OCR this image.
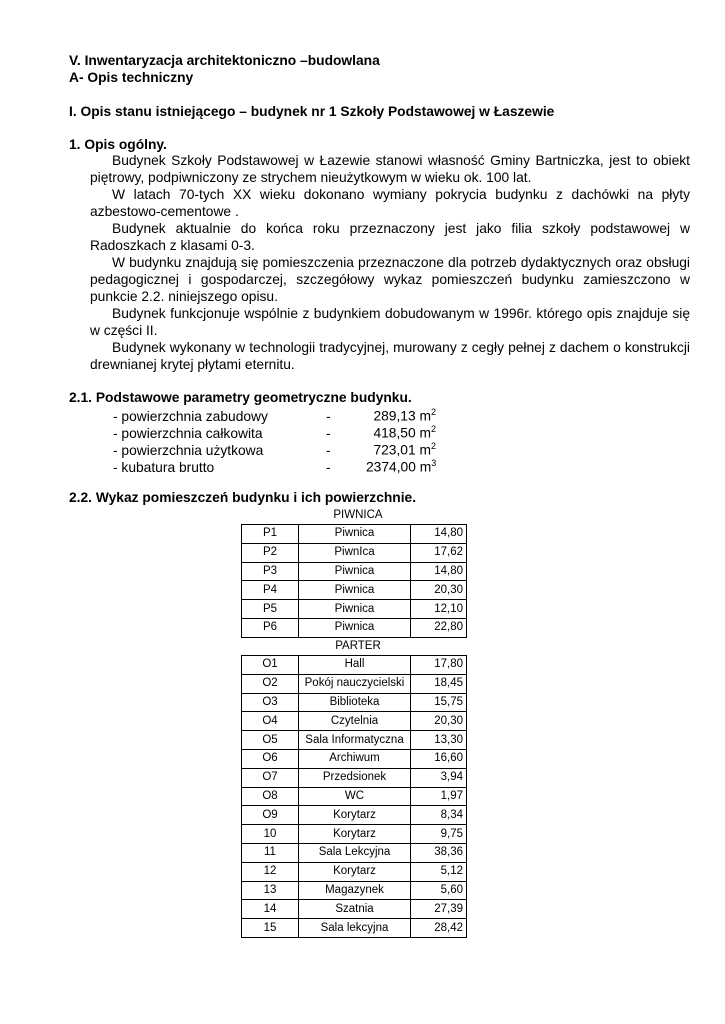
V. Inwentaryzacja architektoniczno –budowlana
A- Opis techniczny
I. Opis stanu istniejącego – budynek nr 1 Szkoły Podstawowej w Łaszewie
1. Opis ogólny.
Budynek Szkoły Podstawowej w Łazewie stanowi własność Gminy Bartniczka, jest to obiekt piętrowy, podpiwniczony ze strychem nieużytkowym w wieku ok. 100 lat.
W latach 70-tych XX wieku dokonano wymiany pokrycia budynku z dachówki na płyty azbestowo-cementowe .
Budynek aktualnie do końca roku przeznaczony jest jako filia szkoły podstawowej w Radoszkach z klasami 0-3.
W budynku znajdują się pomieszczenia przeznaczone dla potrzeb dydaktycznych oraz obsługi pedagogicznej i gospodarczej, szczegółowy wykaz pomieszczeń budynku zamieszczono w punkcie 2.2. niniejszego opisu.
Budynek funkcjonuje wspólnie z budynkiem dobudowanym w 1996r. którego opis znajduje się w części II.
Budynek wykonany w technologii tradycyjnej, murowany z cegły pełnej z dachem o konstrukcji drewnianej krytej płytami eternitu.
2.1. Podstawowe parametry geometryczne budynku.
- powierzchnia zabudowy	-	289,13 $m^2$
- powierzchnia całkowita	-	418,50 $m^2$
- powierzchnia użytkowa	-	723,01 $m^2$
- kubatura brutto	-	2374,00 $m^3$
2.2. Wykaz pomieszczeń budynku i ich powierzchnie.
PIWNICA
P1	Piwnica	14,80
P2	PiwnIca	17,62
P3	Piwnica	14,80
P4	Piwnica	20,30
P5	Piwnica	12,10
P6	Piwnica	22,80
PARTER
O1	Hall	17,80
O2	Pokój nauczycielski	18,45
O3	Biblioteka	15,75
O4	Czytelnia	20,30
O5	Sala Informatyczna	13,30
O6	Archiwum	16,60
O7	Przedsionek	3,94
O8	WC	1,97
O9	Korytarz	8,34
10	Korytarz	9,75
11	Sala Lekcyjna	38,36
12	Korytarz	5,12
13	Magazynek	5,60
14	Szatnia	27,39
15	Sala lekcyjna	28,42
